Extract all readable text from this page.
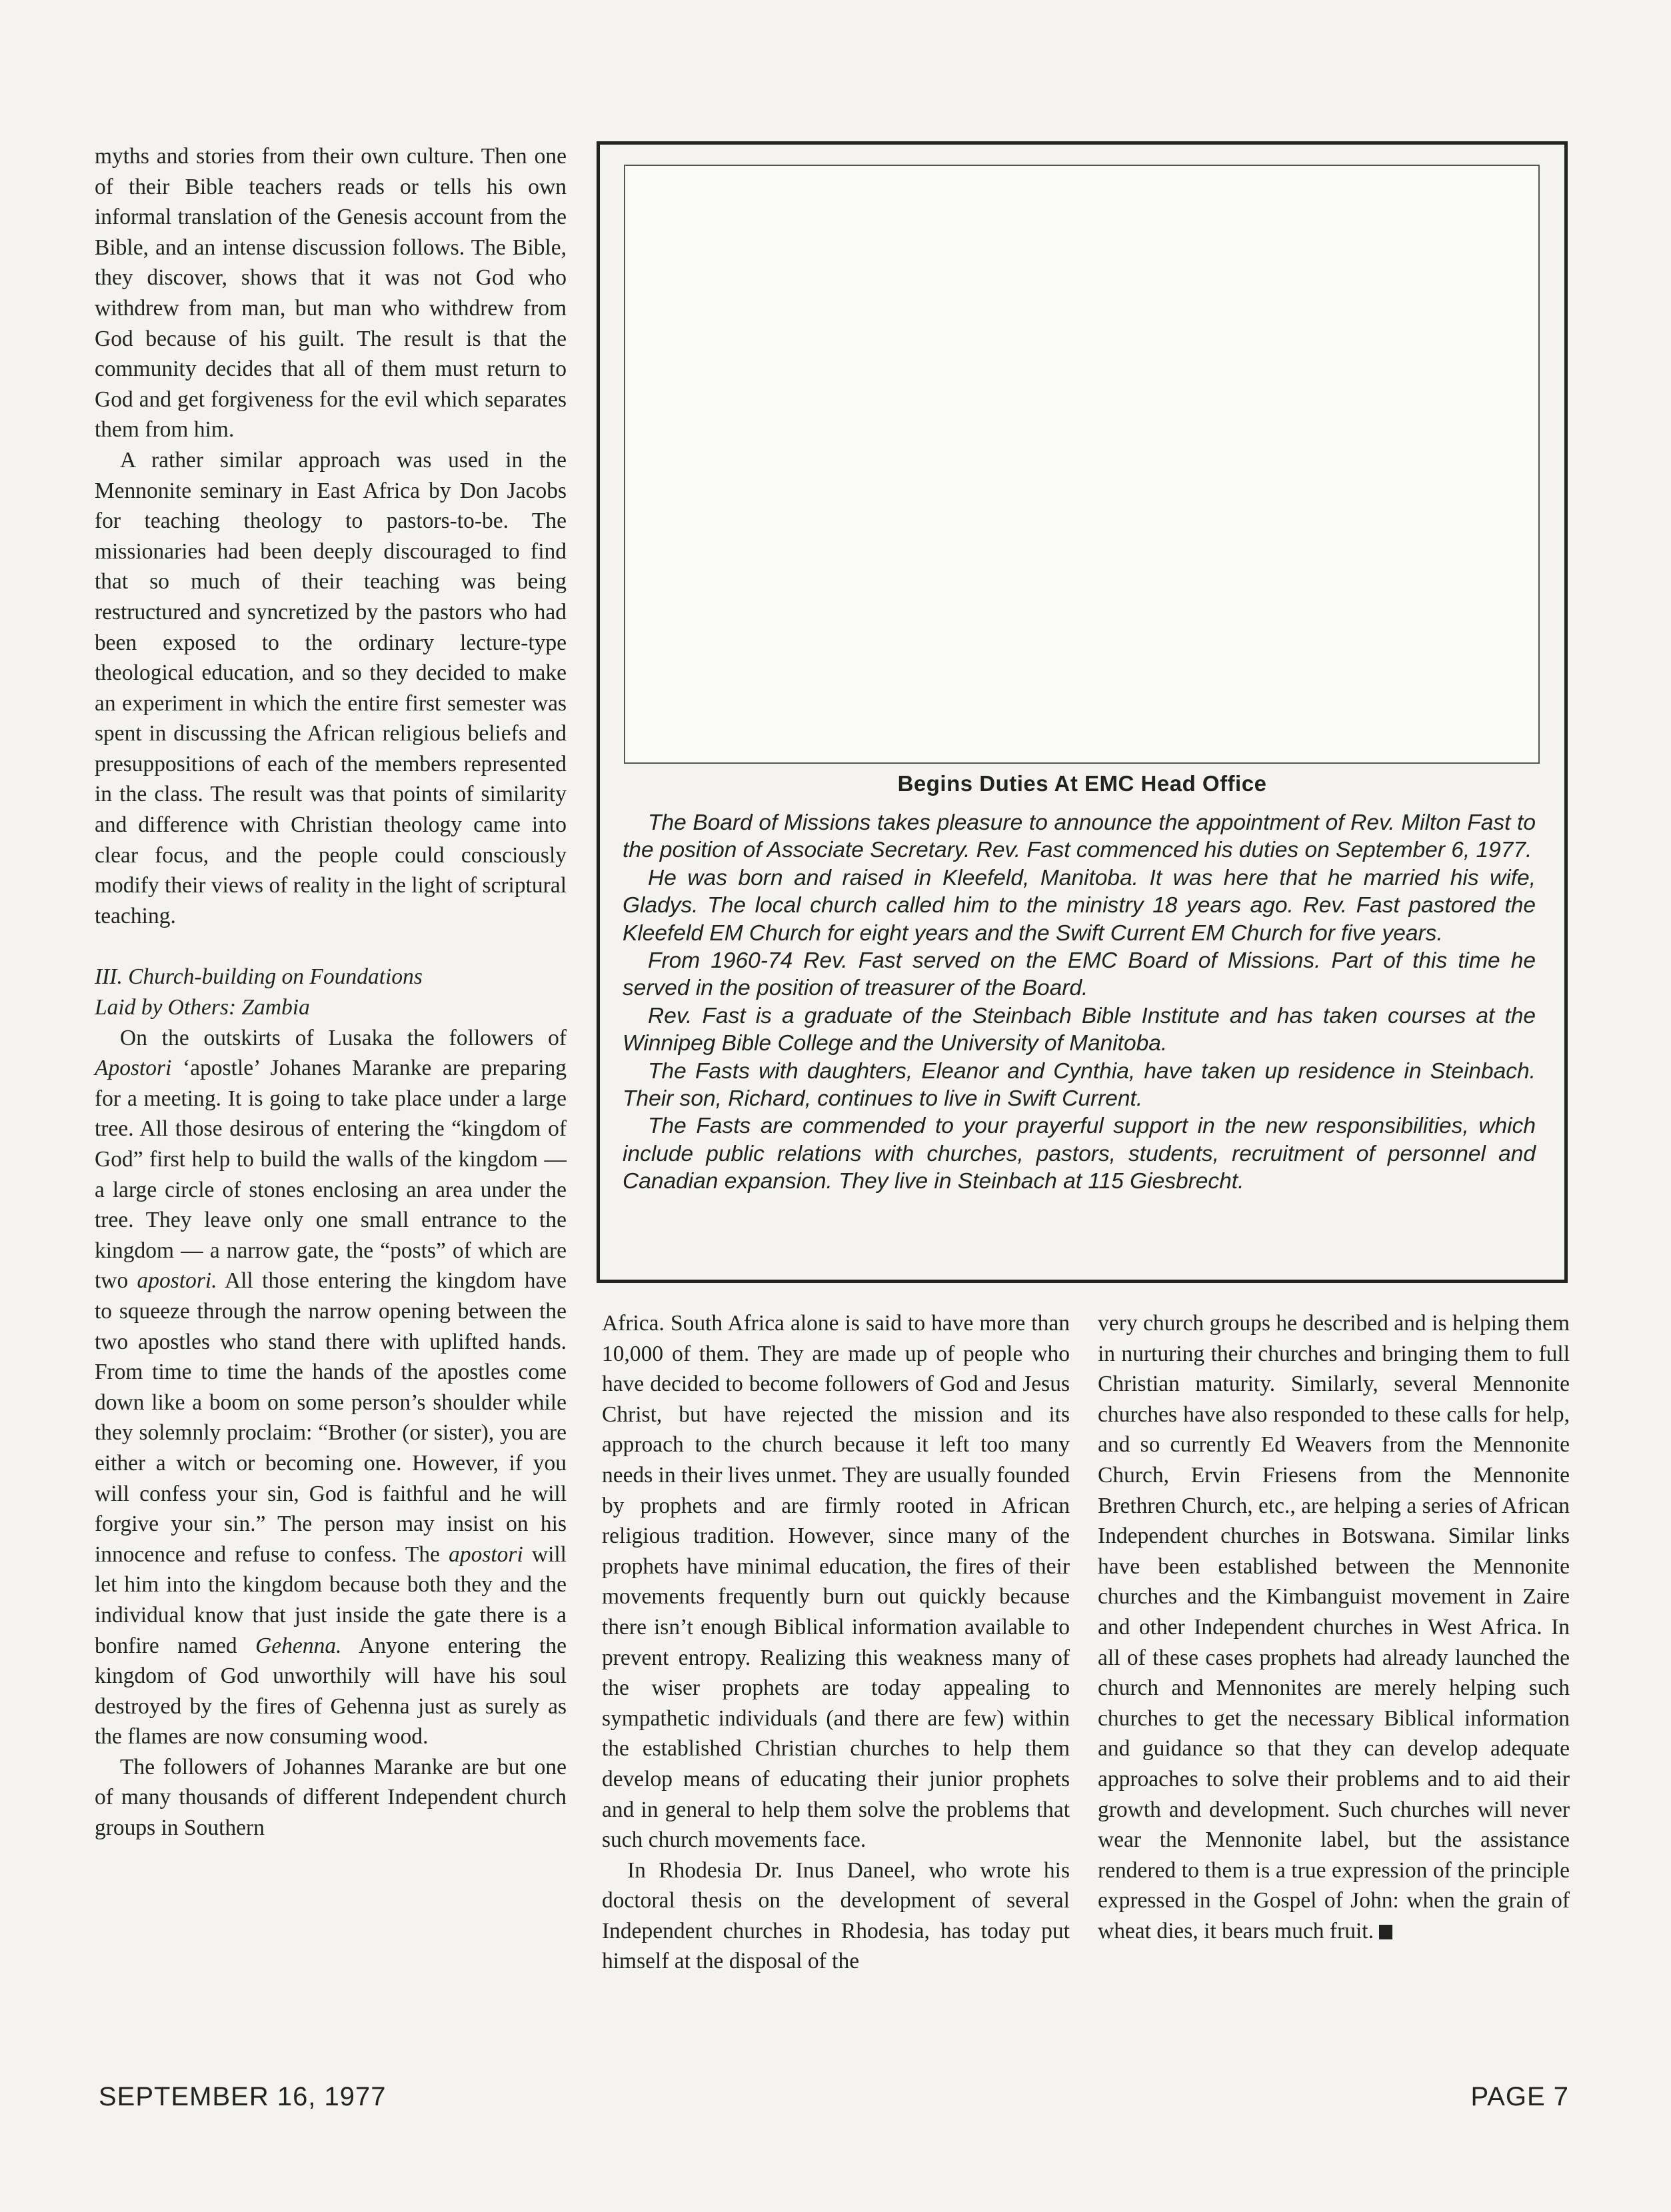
myths and stories from their own culture. Then one of their Bible teachers reads or tells his own informal translation of the Genesis account from the Bible, and an intense discussion follows. The Bible, they discover, shows that it was not God who withdrew from man, but man who withdrew from God because of his guilt. The result is that the community decides that all of them must return to God and get forgiveness for the evil which separates them from him.

A rather similar approach was used in the Mennonite seminary in East Africa by Don Jacobs for teaching theology to pastors-to-be. The missionaries had been deeply discouraged to find that so much of their teaching was being restructured and syncretized by the pastors who had been exposed to the ordinary lecture-type theological education, and so they decided to make an experiment in which the entire first semester was spent in discussing the African religious beliefs and presuppositions of each of the members represented in the class. The result was that points of similarity and difference with Christian theology came into clear focus, and the people could consciously modify their views of reality in the light of scriptural teaching.

III. Church-building on Foundations
Laid by Others: Zambia

On the outskirts of Lusaka the followers of Apostori ‘apostle’ Johanes Maranke are preparing for a meeting. It is going to take place under a large tree. All those desirous of entering the “kingdom of God” first help to build the walls of the kingdom — a large circle of stones enclosing an area under the tree. They leave only one small entrance to the kingdom — a narrow gate, the “posts” of which are two apostori. All those entering the kingdom have to squeeze through the narrow opening between the two apostles who stand there with uplifted hands. From time to time the hands of the apostles come down like a boom on some person’s shoulder while they solemnly proclaim: “Brother (or sister), you are either a witch or becoming one. However, if you will confess your sin, God is faithful and he will forgive your sin.” The person may insist on his innocence and refuse to confess. The apostori will let him into the kingdom because both they and the individual know that just inside the gate there is a bonfire named Gehenna. Anyone entering the kingdom of God unworthily will have his soul destroyed by the fires of Gehenna just as surely as the flames are now consuming wood.

The followers of Johannes Maranke are but one of many thousands of different Independent church groups in Southern

Begins Duties At EMC Head Office

The Board of Missions takes pleasure to announce the appointment of Rev. Milton Fast to the position of Associate Secretary. Rev. Fast commenced his duties on September 6, 1977.

He was born and raised in Kleefeld, Manitoba. It was here that he married his wife, Gladys. The local church called him to the ministry 18 years ago. Rev. Fast pastored the Kleefeld EM Church for eight years and the Swift Current EM Church for five years.

From 1960-74 Rev. Fast served on the EMC Board of Missions. Part of this time he served in the position of treasurer of the Board.

Rev. Fast is a graduate of the Steinbach Bible Institute and has taken courses at the Winnipeg Bible College and the University of Manitoba.

The Fasts with daughters, Eleanor and Cynthia, have taken up residence in Steinbach. Their son, Richard, continues to live in Swift Current.

The Fasts are commended to your prayerful support in the new responsibilities, which include public relations with churches, pastors, students, recruitment of personnel and Canadian expansion. They live in Steinbach at 115 Giesbrecht.

Africa. South Africa alone is said to have more than 10,000 of them. They are made up of people who have decided to become followers of God and Jesus Christ, but have rejected the mission and its approach to the church because it left too many needs in their lives unmet. They are usually founded by prophets and are firmly rooted in African religious tradition. However, since many of the prophets have minimal education, the fires of their movements frequently burn out quickly because there isn’t enough Biblical information available to prevent entropy. Realizing this weakness many of the wiser prophets are today appealing to sympathetic individuals (and there are few) within the established Christian churches to help them develop means of educating their junior prophets and in general to help them solve the problems that such church movements face.

In Rhodesia Dr. Inus Daneel, who wrote his doctoral thesis on the development of several Independent churches in Rhodesia, has today put himself at the disposal of the

very church groups he described and is helping them in nurturing their churches and bringing them to full Christian maturity. Similarly, several Mennonite churches have also responded to these calls for help, and so currently Ed Weavers from the Mennonite Church, Ervin Friesens from the Mennonite Brethren Church, etc., are helping a series of African Independent churches in Botswana. Similar links have been established between the Mennonite churches and the Kimbanguist movement in Zaire and other Independent churches in West Africa. In all of these cases prophets had already launched the church and Mennonites are merely helping such churches to get the necessary Biblical information and guidance so that they can develop adequate approaches to solve their problems and to aid their growth and development. Such churches will never wear the Mennonite label, but the assistance rendered to them is a true expression of the principle expressed in the Gospel of John: when the grain of wheat dies, it bears much fruit.

SEPTEMBER 16, 1977	PAGE 7
